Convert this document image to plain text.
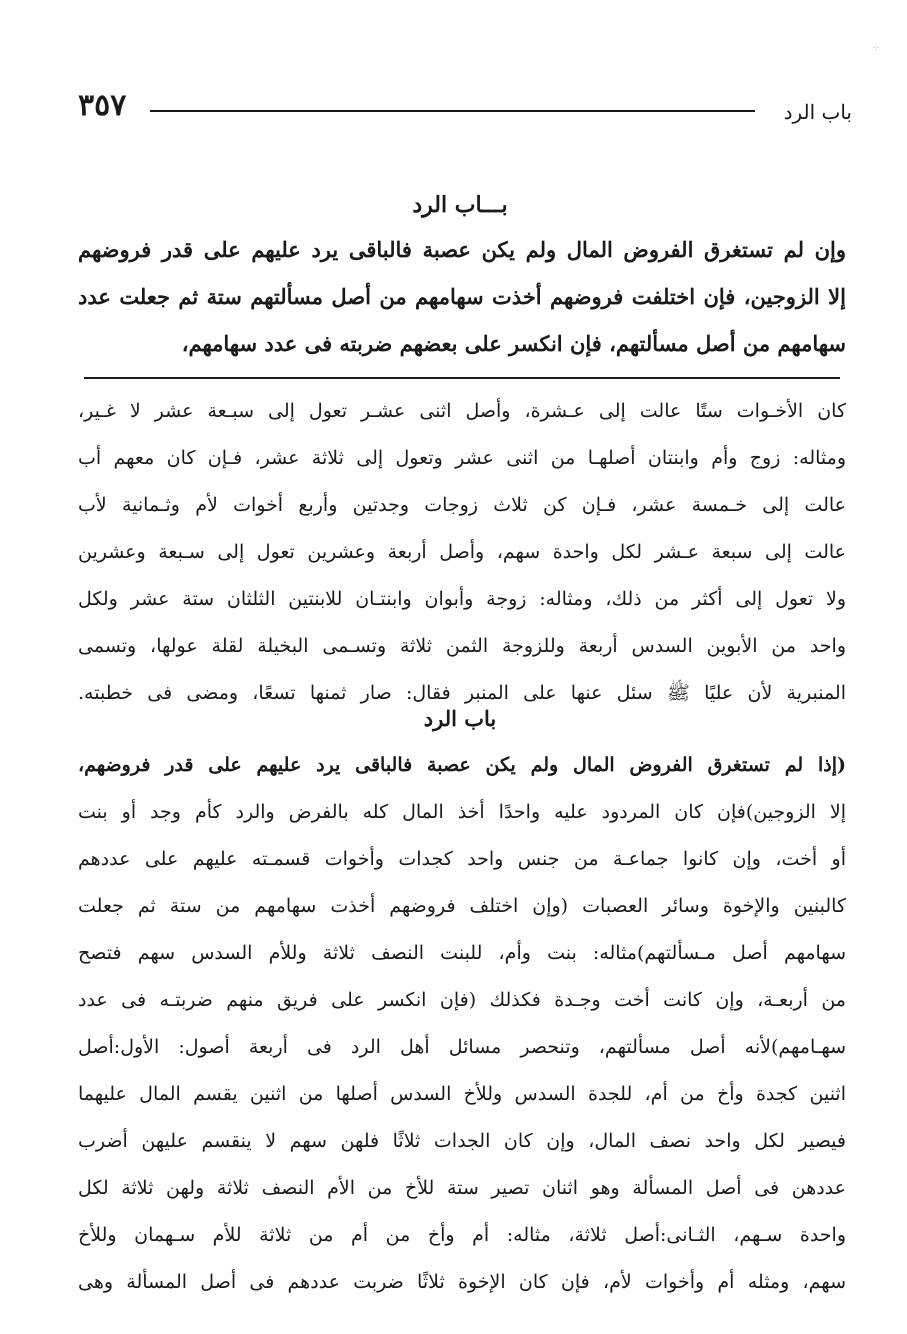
⁘
٣٥٧	باب الرد
بـــاب الرد
وإن لم تستغرق الفروض المال ولم يكن عصبة فالباقى يرد عليهم على قدر فروضهم
إلا الزوجين، فإن اختلفت فروضهم أخذت سهامهم من أصل مسألتهم ستة ثم جعلت عدد
سهامهم من أصل مسألتهم، فإن انكسر على بعضهم ضربته فى عدد سهامهم،
كان الأخـوات ستًا عالت إلى عـشرة، وأصل اثنى عشـر تعول إلى سبـعة عشر لا غـير،
ومثاله: زوج وأم وابنتان أصلهـا من اثنى عشر وتعول إلى ثلاثة عشر، فـإن كان معهم أب
عالت إلى خـمسة عشر، فـإن كن ثلاث زوجات وجدتين وأربع أخوات لأم وثـمانية لأب
عالت إلى سبعة عـشر لكل واحدة سهم، وأصل أربعة وعشرين تعول إلى سـبعة وعشرين
ولا تعول إلى أكثر من ذلك، ومثاله: زوجة وأبوان وابنتـان للابنتين الثلثان ستة عشر ولكل
واحد من الأبوين السدس أربعة وللزوجة الثمن ثلاثة وتسـمى البخيلة لقلة عولها، وتسمى
المنبرية لأن عليًا ﷺ سئل عنها على المنبر فقال: صار ثمنها تسعًا، ومضى فى خطبته.
باب الرد
(إذا لم تستغرق الفروض المال ولم يكن عصبة فالباقى يرد عليهم على قدر فروضهم،
إلا الزوجين)فإن كان المردود عليه واحدًا أخذ المال كله بالفرض والرد كأم وجد أو بنت
أو أخت، وإن كانوا جماعـة من جنس واحد كجدات وأخوات قسمـته عليهم على عددهم
كالبنين والإخوة وسائر العصبات (وإن اختلف فروضهم أخذت سهامهم من ستة ثم جعلت
سهامهم أصل مـسألتهم)مثاله: بنت وأم، للبنت النصف ثلاثة وللأم السدس سهم فتصح
من أربعـة، وإن كانت أخت وجـدة فكذلك (فإن انكسر على فريق منهم ضربتـه فى عدد
سهـامهم)لأنه أصل مسألتهم، وتنحصر مسائل أهل الرد فى أربعة أصول: الأول:أصل
اثنين كجدة وأخ من أم، للجدة السدس وللأخ السدس أصلها من اثنين يقسم المال عليهما
فيصير لكل واحد نصف المال، وإن كان الجدات ثلاثًا فلهن سهم لا ينقسم عليهن أضرب
عددهن فى أصل المسألة وهو اثنان تصير ستة للأخ من الأم النصف ثلاثة ولهن ثلاثة لكل
واحدة سـهم، الثـانى:أصل ثلاثة، مثاله: أم وأخ من أم من ثلاثة للأم سـهمان وللأخ
سهم، ومثله أم وأخوات لأم، فإن كان الإخوة ثلاثًا ضربت عددهم فى أصل المسألة وهى
